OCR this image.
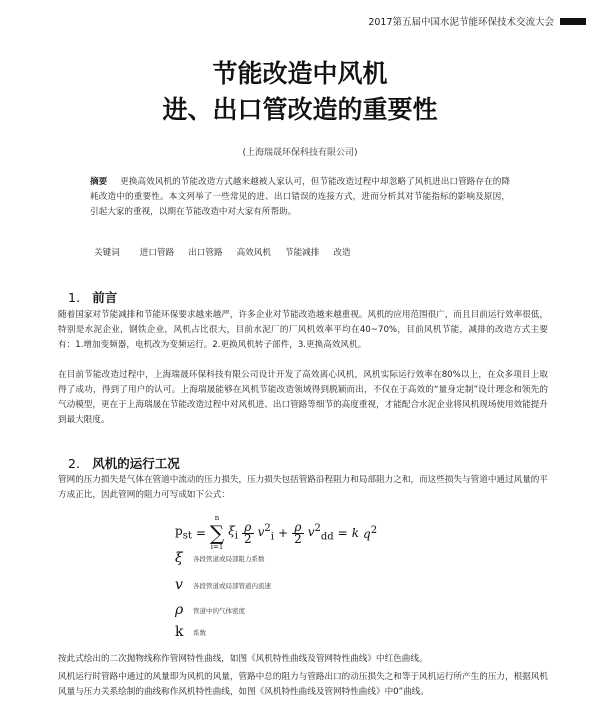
2017第五届中国水泥节能环保技术交流大会
节能改造中风机
进、出口管改造的重要性
(上海瑞晟环保科技有限公司)
摘要 更换高效风机的节能改造方式越来越被人家认可，但节能改造过程中却忽略了风机进出口管路存在的降耗改造中的重要性。本文列举了一些常见的进、出口错误的连接方式，进而分析其对节能指标的影响及原因，引起大家的重视，以期在节能改造中对大家有所帮助。
关键词 进口管路 出口管路 高效风机 节能减排 改造
1. 前言
随着国家对节能减排和节能环保要求越来越严，许多企业对节能改造越来越重视。风机的应用范围很广，而且目前运行效率很低，特别是水泥企业，钢铁企业，风机占比很大，目前水泥厂的厂风机效率平均在40~70%，目前风机节能，减排的改造方式主要有：1.增加变频器，电机改为变频运行。2.更换风机转子部件，3.更换高效风机。
在目前节能改造过程中，上海瑞晟环保科技有限公司设计开发了高效离心风机，风机实际运行效率在80%以上，在众多项目上取得了成功，得到了用户的认可。上海瑞晟能够在风机节能改造领域得到脱颖而出，不仅在于高效的“量身定制”设计理念和领先的气动模型，更在于上海瑞晟在节能改造过程中对风机进、出口管路等细节的高度重视，才能配合水泥企业将风机现场使用效能提升到最大限度。
2. 风机的运行工况
管网的压力损失是气体在管道中流动的压力损失，压力损失包括管路沿程阻力和局部阻力之和，而这些损失与管道中通过风量的平方成正比，因此管网的阻力可写成如下公式：
$p_{st}$ =
n
∑
i=1
$\xi_i$
ρ
2 $v^2_i + \frac{\rho}{2} v^2_{dd} = k$ $q^2$
ξ	各段管道或局部阻力系数
v	各段管道或局部管道内流速
ρ	管道中的气体密度
k	系数
按此式绘出的二次抛物线称作管网特性曲线，如图《风机特性曲线及管网特性曲线》中红色曲线。
风机运行时管路中通过的风量即为风机的风量，管路中总的阻力与管路出口的动压损失之和等于风机运行所产生的压力，根据风机风量与压力关系绘制的曲线称作风机特性曲线，如图《风机特性曲线及管网特性曲线》中0”曲线。
